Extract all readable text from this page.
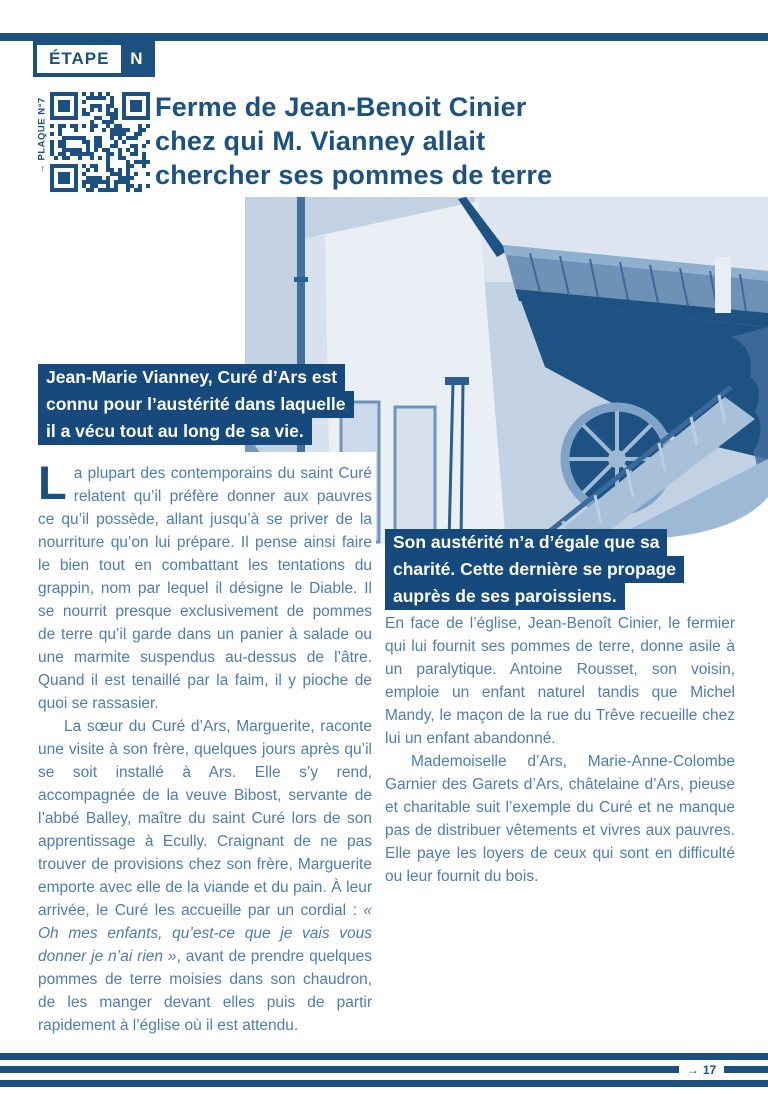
ÉTAPE	N
→ PLAQUE N°7	Ferme de Jean-Benoit Cinier
chez qui M. Vianney allait
chercher ses pommes de terre

Jean-Marie Vianney, Curé d’Ars est

connu pour l’austérité dans laquelle

il a vécu tout au long de sa vie.

Son austérité n’a d’égale que sa

charité. Cette dernière se propage

auprès de ses paroissiens.

La plupart des contemporains du saint Curé relatent qu’il préfère donner aux pauvres ce qu’il possède, allant jusqu’à se priver de la nourriture qu’on lui prépare. Il pense ainsi faire le bien tout en combattant les tentations du grappin, nom par lequel il désigne le Diable. Il se nourrit presque exclusivement de pommes de terre qu’il garde dans un panier à salade ou une marmite suspendus au-dessus de l’âtre. Quand il est tenaillé par la faim, il y pioche de quoi se rassasier.

La sœur du Curé d’Ars, Marguerite, raconte une visite à son frère, quelques jours après qu’il se soit installé à Ars. Elle s’y rend, accompagnée de la veuve Bibost, servante de l’abbé Balley, maître du saint Curé lors de son apprentissage à Ecully. Craignant de ne pas trouver de provisions chez son frère, Marguerite emporte avec elle de la viande et du pain. À leur arrivée, le Curé les accueille par un cordial : « Oh mes enfants, qu’est-ce que je vais vous donner je n’ai rien », avant de prendre quelques pommes de terre moisies dans son chaudron, de les manger devant elles puis de partir rapidement à l’église où il est attendu.

En face de l’église, Jean-Benoît Cinier, le fermier qui lui fournit ses pommes de terre, donne asile à un paralytique. Antoine Rousset, son voisin, emploie un enfant naturel tandis que Michel Mandy, le maçon de la rue du Trêve recueille chez lui un enfant abandonné.

Mademoiselle d’Ars, Marie-Anne-Colombe Garnier des Garets d’Ars, châtelaine d’Ars, pieuse et charitable suit l’exemple du Curé et ne manque pas de distribuer vêtements et vivres aux pauvres. Elle paye les loyers de ceux qui sont en difficulté ou leur fournit du bois.

→ 17
